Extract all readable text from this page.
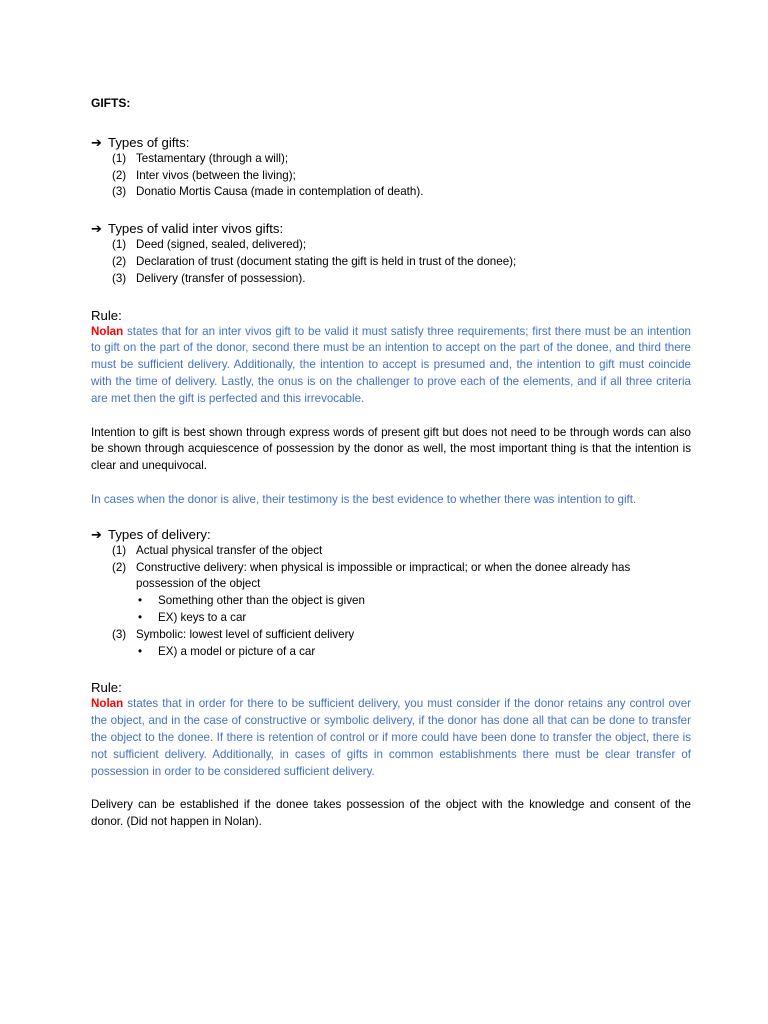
GIFTS:
➔ Types of gifts:
(1) Testamentary (through a will);
(2) Inter vivos (between the living);
(3) Donatio Mortis Causa (made in contemplation of death).
➔ Types of valid inter vivos gifts:
(1) Deed (signed, sealed, delivered);
(2) Declaration of trust (document stating the gift is held in trust of the donee);
(3) Delivery (transfer of possession).
Rule:

Nolan states that for an inter vivos gift to be valid it must satisfy three requirements; first there must be an intention to gift on the part of the donor, second there must be an intention to accept on the part of the donee, and third there must be sufficient delivery. Additionally, the intention to accept is presumed and, the intention to gift must coincide with the time of delivery. Lastly, the onus is on the challenger to prove each of the elements, and if all three criteria are met then the gift is perfected and this irrevocable.

Intention to gift is best shown through express words of present gift but does not need to be through words can also be shown through acquiescence of possession by the donor as well, the most important thing is that the intention is clear and unequivocal.

In cases when the donor is alive, their testimony is the best evidence to whether there was intention to gift.

➔ Types of delivery:
(1) Actual physical transfer of the object
(2) Constructive delivery: when physical is impossible or impractical; or when the donee already has possession of the object
• Something other than the object is given
• EX) keys to a car
(3) Symbolic: lowest level of sufficient delivery
• EX) a model or picture of a car
Rule:

Nolan states that in order for there to be sufficient delivery, you must consider if the donor retains any control over the object, and in the case of constructive or symbolic delivery, if the donor has done all that can be done to transfer the object to the donee. If there is retention of control or if more could have been done to transfer the object, there is not sufficient delivery. Additionally, in cases of gifts in common establishments there must be clear transfer of possession in order to be considered sufficient delivery.

Delivery can be established if the donee takes possession of the object with the knowledge and consent of the donor. (Did not happen in Nolan).
